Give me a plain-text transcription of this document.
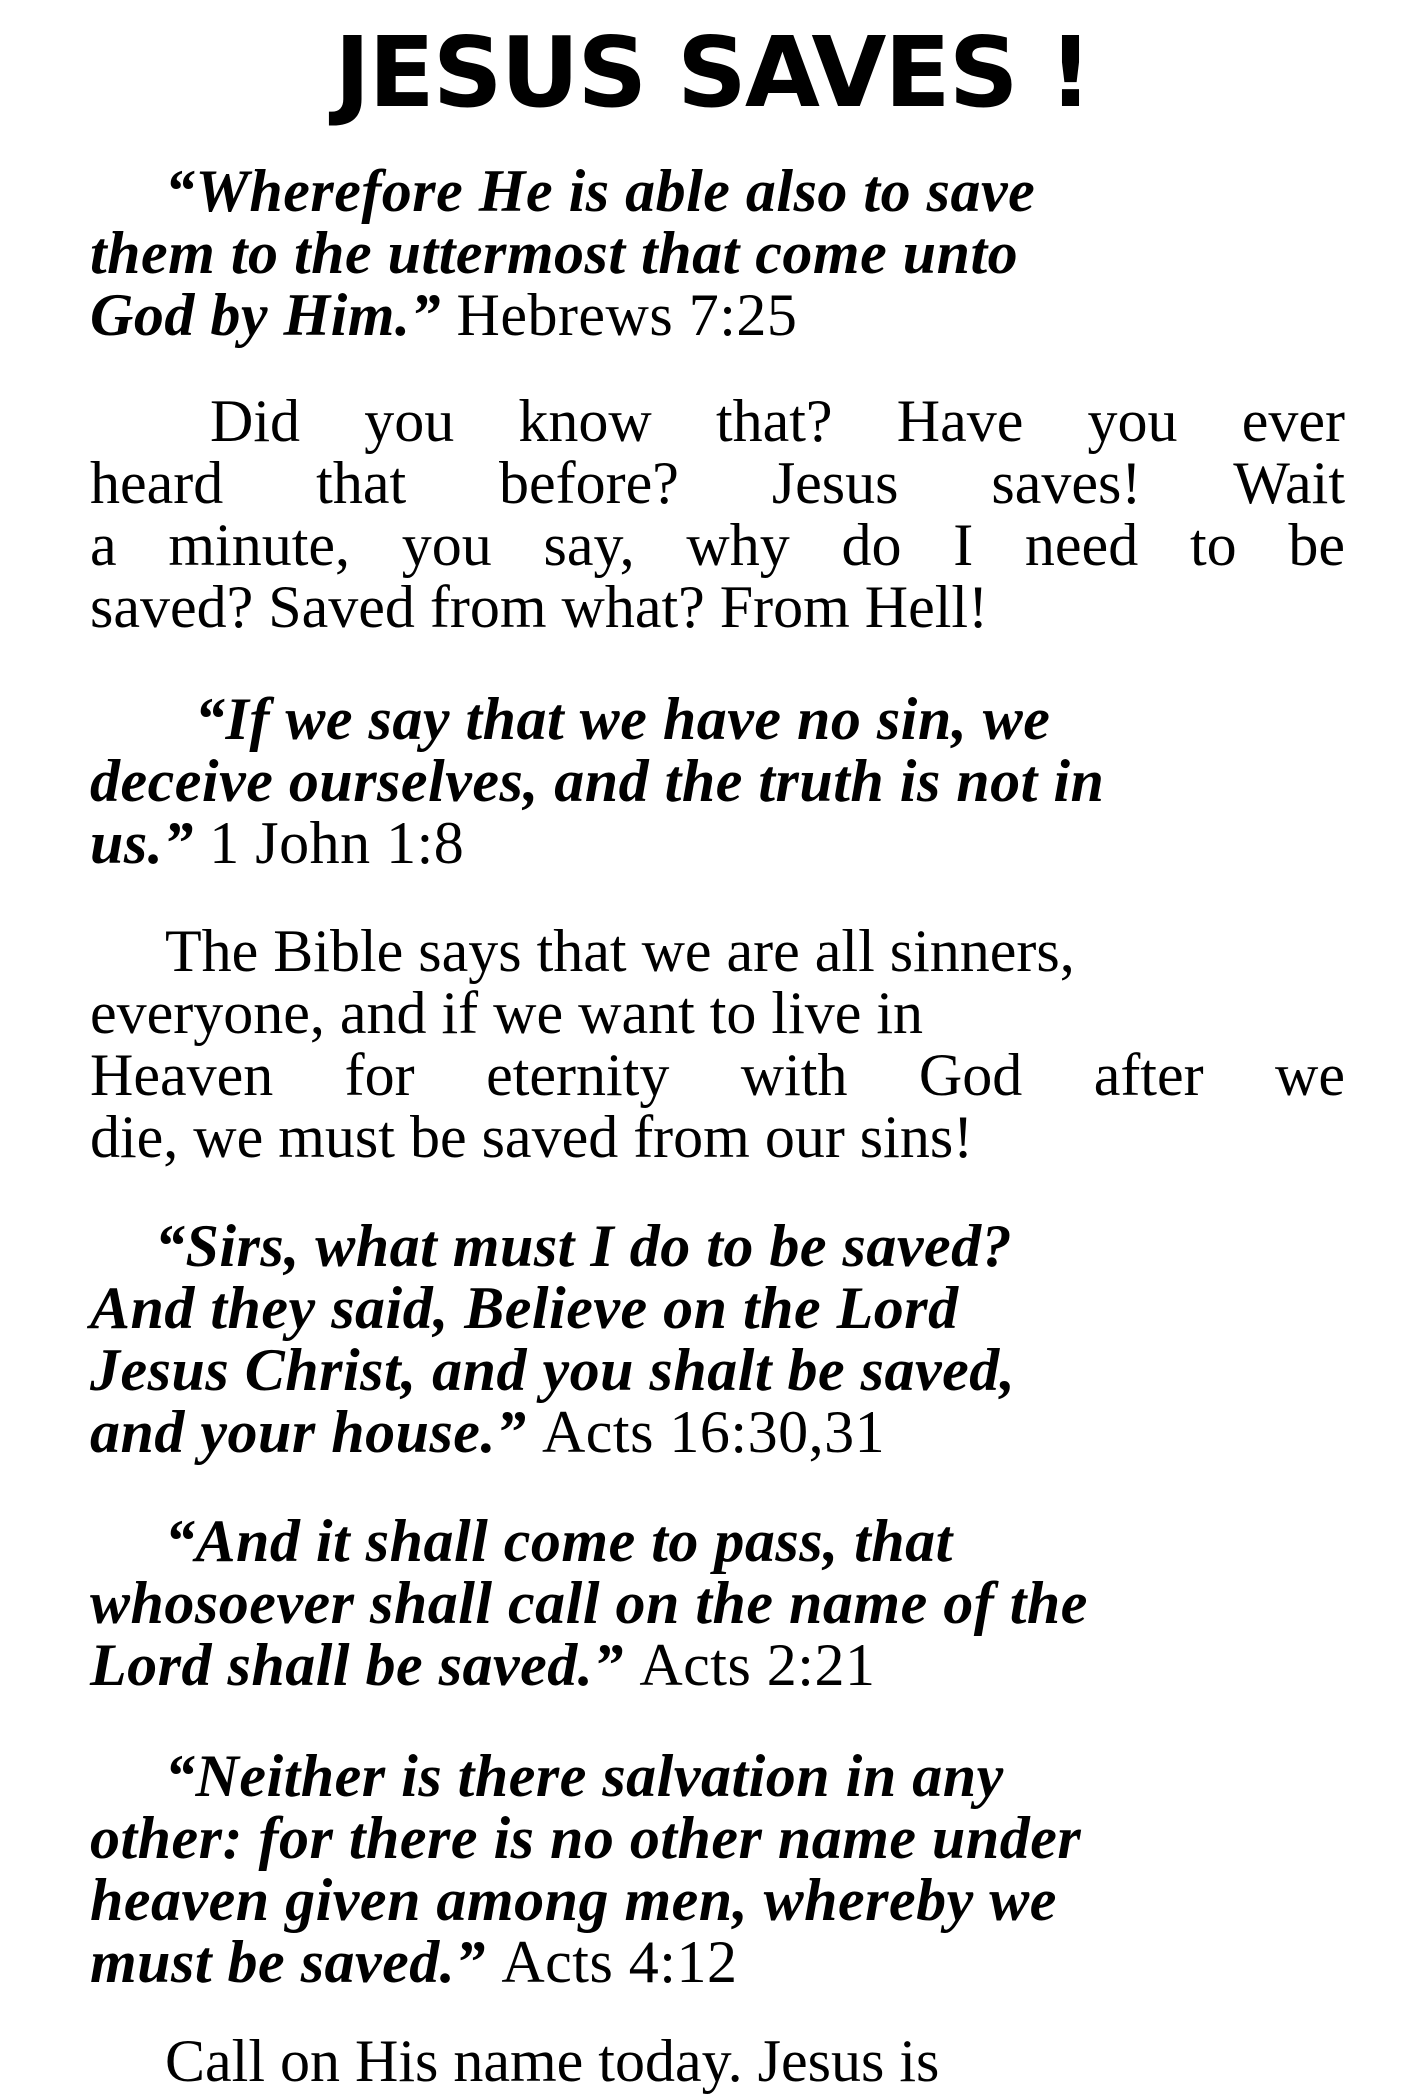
JESUS SAVES !

“Wherefore He is able also to save
them to the uttermost that come unto
God by Him.” Hebrews 7:25

Did you know that? Have you ever
heard that before? Jesus saves! Wait
a minute, you say, why do I need to be
saved? Saved from what? From Hell!

“If we say that we have no sin, we
deceive ourselves, and the truth is not in
us.” 1 John 1:8

The Bible says that we are all sinners,
everyone, and if we want to live in
Heaven for eternity with God after we
die, we must be saved from our sins!

“Sirs, what must I do to be saved?
And they said, Believe on the Lord
Jesus Christ, and you shalt be saved,
and your house.” Acts 16:30,31

“And it shall come to pass, that
whosoever shall call on the name of the
Lord shall be saved.” Acts 2:21

“Neither is there salvation in any
other: for there is no other name under
heaven given among men, whereby we
must be saved.” Acts 4:12

Call on His name today. Jesus is
